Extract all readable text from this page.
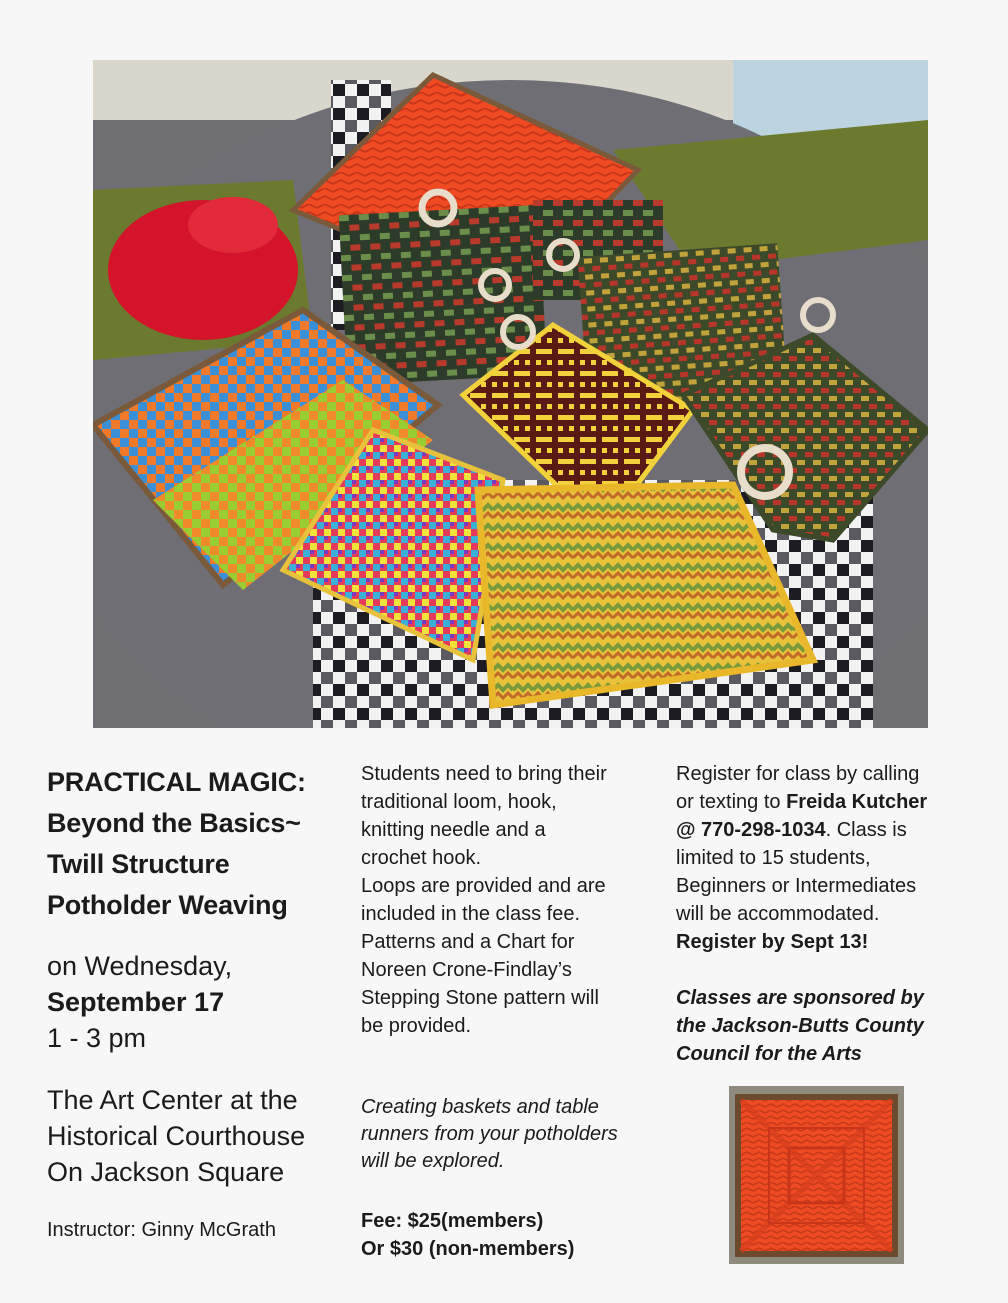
PRACTICAL MAGIC:
Beyond the Basics~
Twill Structure
Potholder Weaving
on Wednesday,
September 17
1 - 3 pm
The Art Center at the
Historical Courthouse
On Jackson Square
Instructor: Ginny McGrath
Students need to bring their
traditional loom, hook,
knitting needle and a
crochet hook.
Loops are provided and are
included in the class fee.
Patterns and a Chart for
Noreen Crone-Findlay’s
Stepping Stone pattern will
be provided.
Creating baskets and table
runners from your potholders
will be explored.
Fee: $25(members)
Or $30 (non-members)
Register for class by calling
or texting to Freida Kutcher
@ 770-298-1034. Class is
limited to 15 students,
Beginners or Intermediates
will be accommodated.
Register by Sept 13!
Classes are sponsored by
the Jackson-Butts County
Council for the Arts
